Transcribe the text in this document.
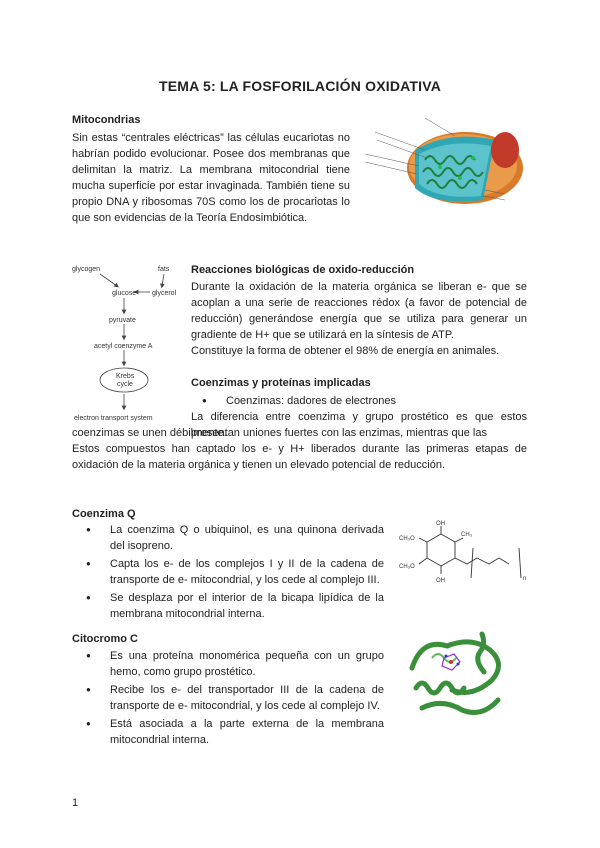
TEMA 5: LA FOSFORILACIÓN OXIDATIVA
Mitocondrias

Sin estas “centrales eléctricas” las células eucariotas no habrían podido evolucionar. Posee dos membranas que delimitan la matriz. La membrana mitocondrial tiene mucha superficie por estar invaginada. También tiene su propio DNA y ribosomas 70S como los de procariotas lo que son evidencias de la Teoría Endosimbiótica.

glycogen	fats
glucose glycerol
pyruvate
acetyl coenzyme A
Krebs
cycle
electron transport system
Reacciones biológicas de oxido-reducción

Durante la oxidación de la materia orgánica se liberan e- que se acoplan a una serie de reacciones rédox (a favor de potencial de reducción) generándose energía que se utiliza para generar un gradiente de H+ que se utilizará en la síntesis de ATP.

Constituye la forma de obtener el 98% de energía en animales.

Coenzimas y proteínas implicadas
● Coenzimas: dadores de electrones

La diferencia entre coenzima y grupo prostético es que estos presentan uniones fuertes con las enzimas, mientras que las

coenzimas se unen débilmente.

Estos compuestos han captado los e- y H+ liberados durante las primeras etapas de oxidación de la materia orgánica y tienen un elevado potencial de reducción.

Coenzima Q
● La coenzima Q o ubiquinol, es una quinona derivada del isopreno.
● Capta los e- de los complejos I y II de la cadena de transporte de e- mitocondrial, y los cede al complejo III.
● Se desplaza por el interior de la bicapa lipídica de la membrana mitocondrial interna.
OH
OH
CH₃O
CH₃O
CH₃
n
Citocromo C
● Es una proteína monomérica pequeña con un grupo hemo, como grupo prostético.
● Recibe los e- del transportador III de la cadena de transporte de e- mitocondrial, y los cede al complejo IV.
● Está asociada a la parte externa de la membrana mitocondrial interna.
1
